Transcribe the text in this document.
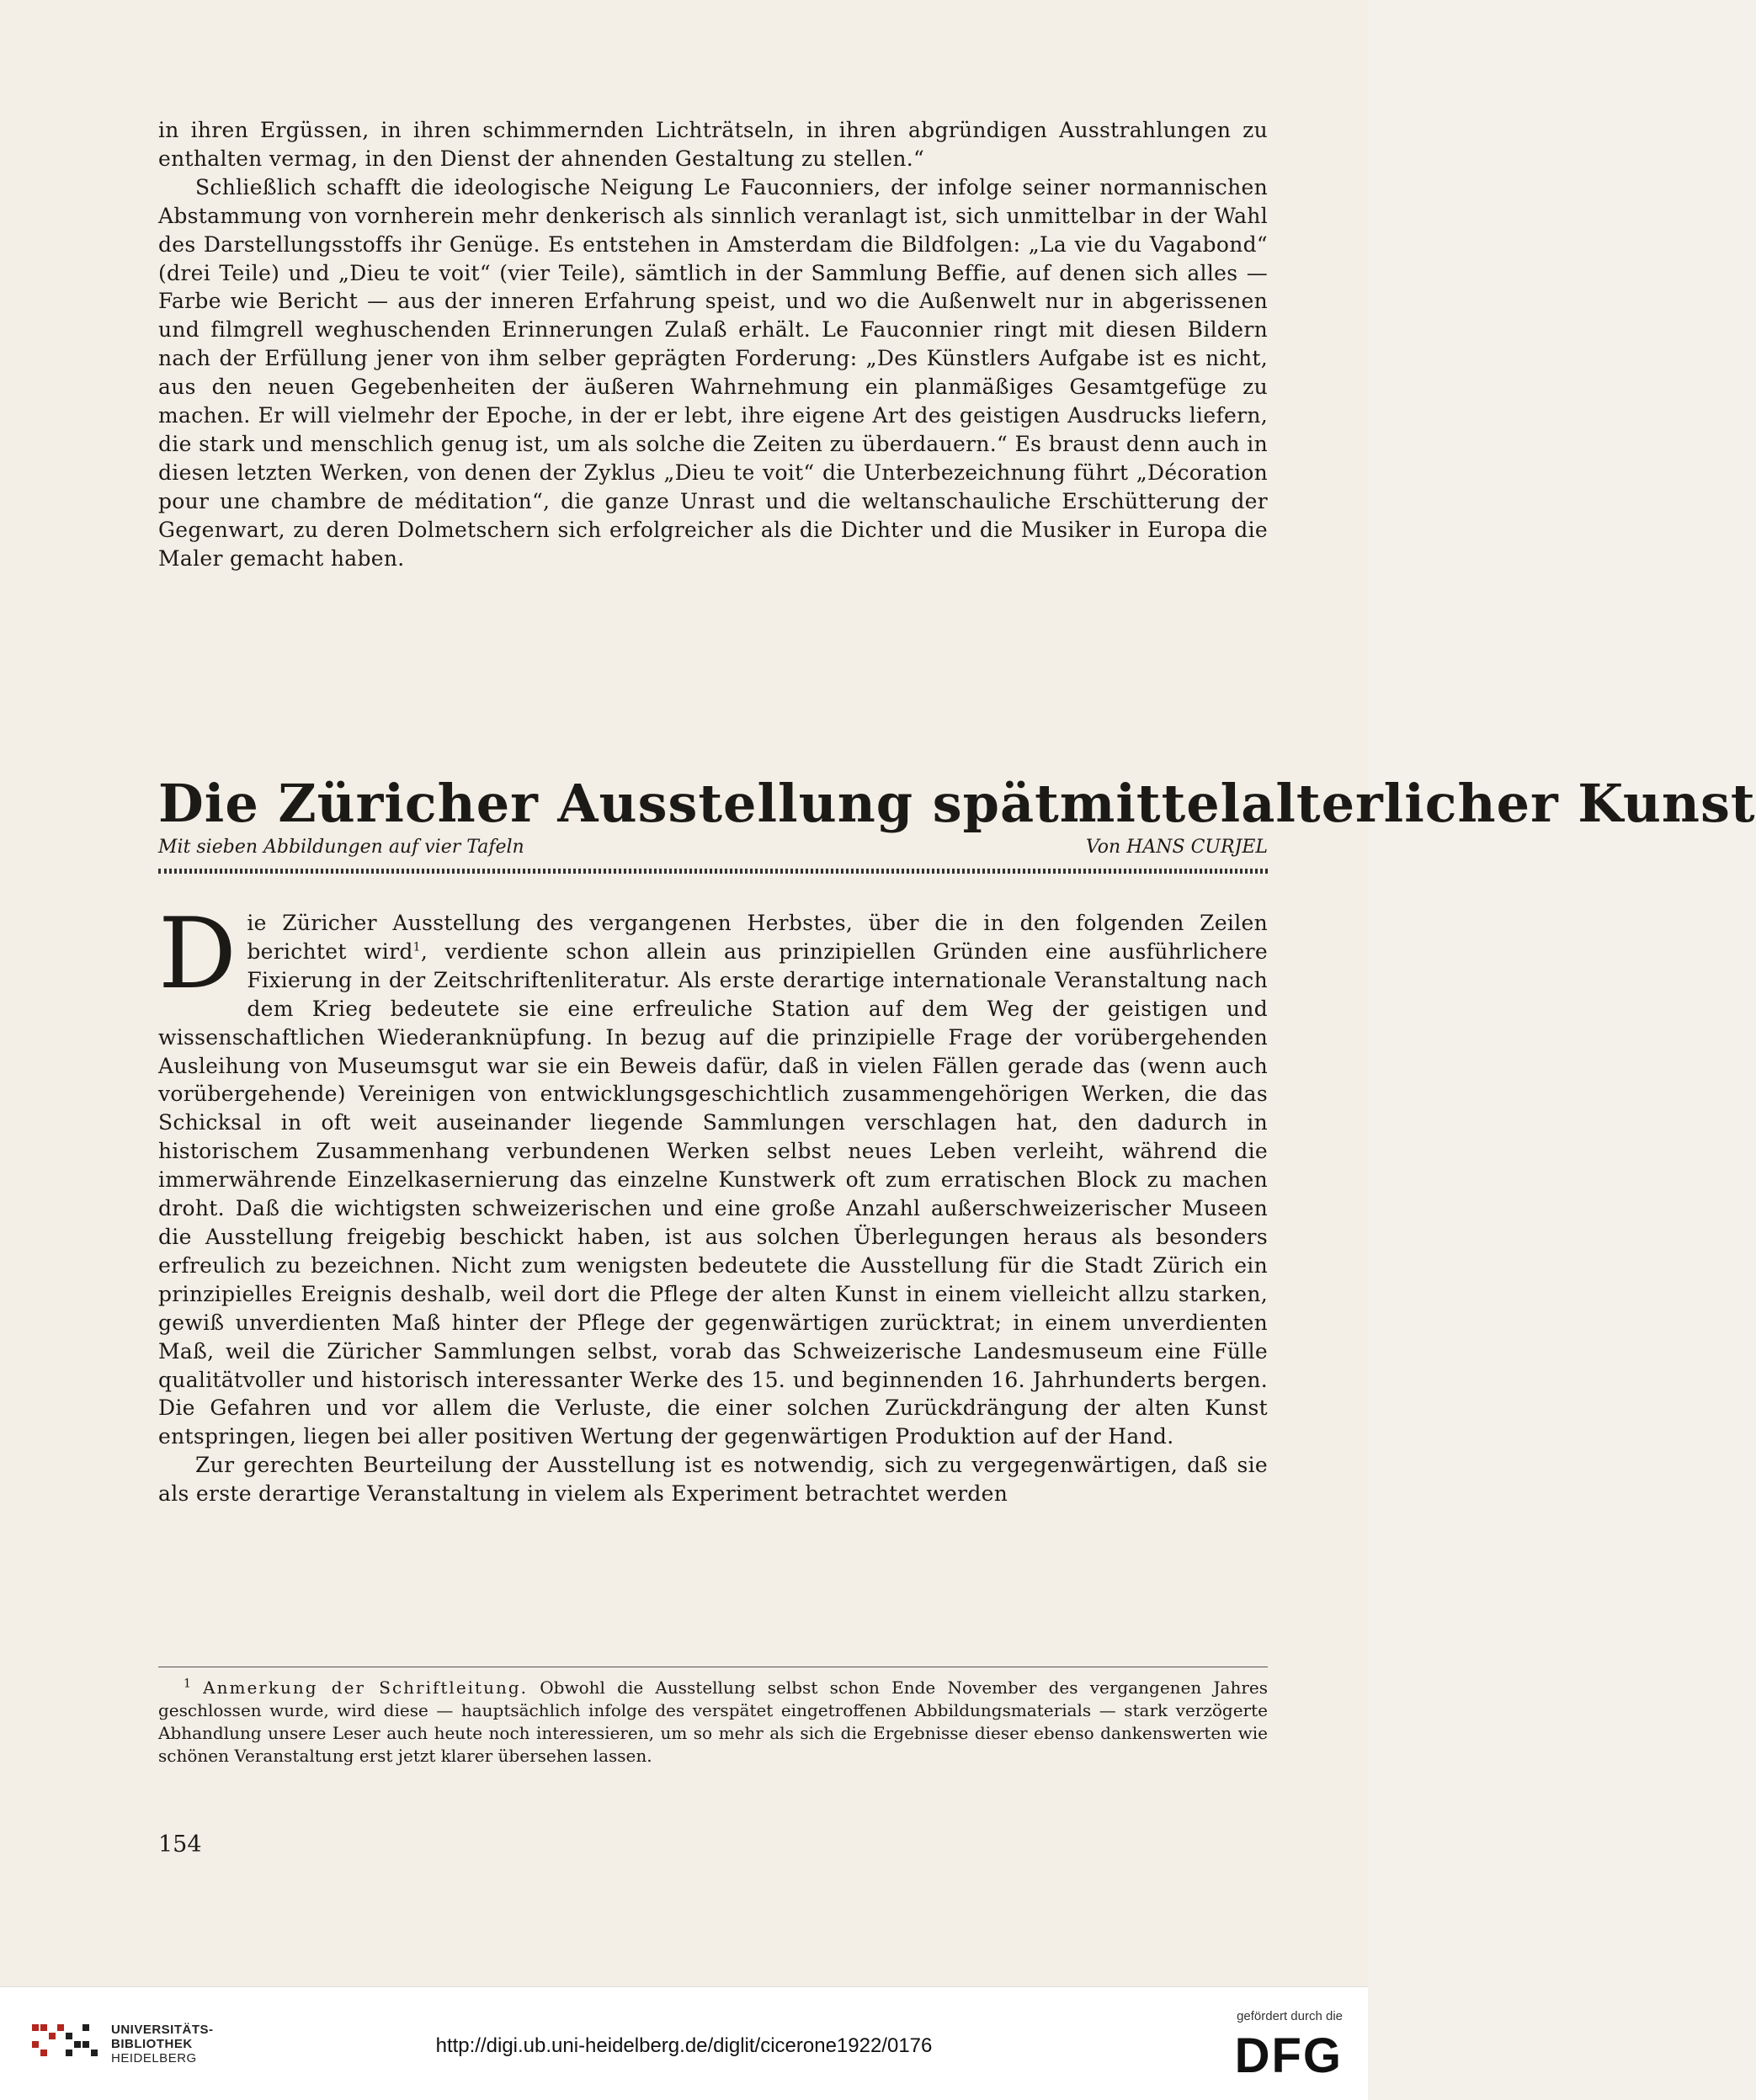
in ihren Ergüssen, in ihren schimmernden Lichträtseln, in ihren abgründigen Ausstrahlungen zu enthalten vermag, in den Dienst der ahnenden Gestaltung zu stellen.“

Schließlich schafft die ideologische Neigung Le Fauconniers, der infolge seiner normannischen Abstammung von vornherein mehr denkerisch als sinnlich veranlagt ist, sich unmittelbar in der Wahl des Darstellungsstoffs ihr Genüge. Es entstehen in Amsterdam die Bildfolgen: „La vie du Vagabond“ (drei Teile) und „Dieu te voit“ (vier Teile), sämtlich in der Sammlung Beffie, auf denen sich alles — Farbe wie Bericht — aus der inneren Erfahrung speist, und wo die Außenwelt nur in abgerissenen und filmgrell weghuschenden Erinnerungen Zulaß erhält. Le Fauconnier ringt mit diesen Bildern nach der Erfüllung jener von ihm selber geprägten Forderung: „Des Künstlers Aufgabe ist es nicht, aus den neuen Gegebenheiten der äußeren Wahrnehmung ein planmäßiges Gesamtgefüge zu machen. Er will vielmehr der Epoche, in der er lebt, ihre eigene Art des geistigen Ausdrucks liefern, die stark und menschlich genug ist, um als solche die Zeiten zu überdauern.“ Es braust denn auch in diesen letzten Werken, von denen der Zyklus „Dieu te voit“ die Unterbezeichnung führt „Décoration pour une chambre de méditation“, die ganze Unrast und die weltanschauliche Erschütterung der Gegenwart, zu deren Dolmetschern sich erfolgreicher als die Dichter und die Musiker in Europa die Maler gemacht haben.

Die Züricher Ausstellung spätmittelalterlicher Kunst
Mit sieben Abbildungen auf vier Tafeln	Von HANS CURJEL

Die Züricher Ausstellung des vergangenen Herbstes, über die in den folgenden Zeilen berichtet wird$^1$, verdiente schon allein aus prinzipiellen Gründen eine ausführlichere Fixierung in der Zeitschriftenliteratur. Als erste derartige internationale Veranstaltung nach dem Krieg bedeutete sie eine erfreuliche Station auf dem Weg der geistigen und wissenschaftlichen Wiederanknüpfung. In bezug auf die prinzipielle Frage der vorübergehenden Ausleihung von Museumsgut war sie ein Beweis dafür, daß in vielen Fällen gerade das (wenn auch vorübergehende) Vereinigen von entwicklungsgeschichtlich zusammengehörigen Werken, die das Schicksal in oft weit auseinander liegende Sammlungen verschlagen hat, den dadurch in historischem Zusammenhang verbundenen Werken selbst neues Leben verleiht, während die immerwährende Einzelkasernierung das einzelne Kunstwerk oft zum erratischen Block zu machen droht. Daß die wichtigsten schweizerischen und eine große Anzahl außerschweizerischer Museen die Ausstellung freigebig beschickt haben, ist aus solchen Überlegungen heraus als besonders erfreulich zu bezeichnen. Nicht zum wenigsten bedeutete die Ausstellung für die Stadt Zürich ein prinzipielles Ereignis deshalb, weil dort die Pflege der alten Kunst in einem vielleicht allzu starken, gewiß unverdienten Maß hinter der Pflege der gegenwärtigen zurücktrat; in einem unverdienten Maß, weil die Züricher Sammlungen selbst, vorab das Schweizerische Landesmuseum eine Fülle qualitätvoller und historisch interessanter Werke des 15. und beginnenden 16. Jahrhunderts bergen. Die Gefahren und vor allem die Verluste, die einer solchen Zurückdrängung der alten Kunst entspringen, liegen bei aller positiven Wertung der gegenwärtigen Produktion auf der Hand.

Zur gerechten Beurteilung der Ausstellung ist es notwendig, sich zu vergegenwärtigen, daß sie als erste derartige Veranstaltung in vielem als Experiment betrachtet werden

$^1$ Anmerkung der Schriftleitung. Obwohl die Ausstellung selbst schon Ende November des vergangenen Jahres geschlossen wurde, wird diese — hauptsächlich infolge des verspätet eingetroffenen Abbildungsmaterials — stark verzögerte Abhandlung unsere Leser auch heute noch interessieren, um so mehr als sich die Ergebnisse dieser ebenso dankenswerten wie schönen Veranstaltung erst jetzt klarer übersehen lassen.

154
UNIVERSITÄTS-
BIBLIOTHEK
HEIDELBERG
http://digi.ub.uni-heidelberg.de/diglit/cicerone1922/0176
gefördert durch die
DFG
